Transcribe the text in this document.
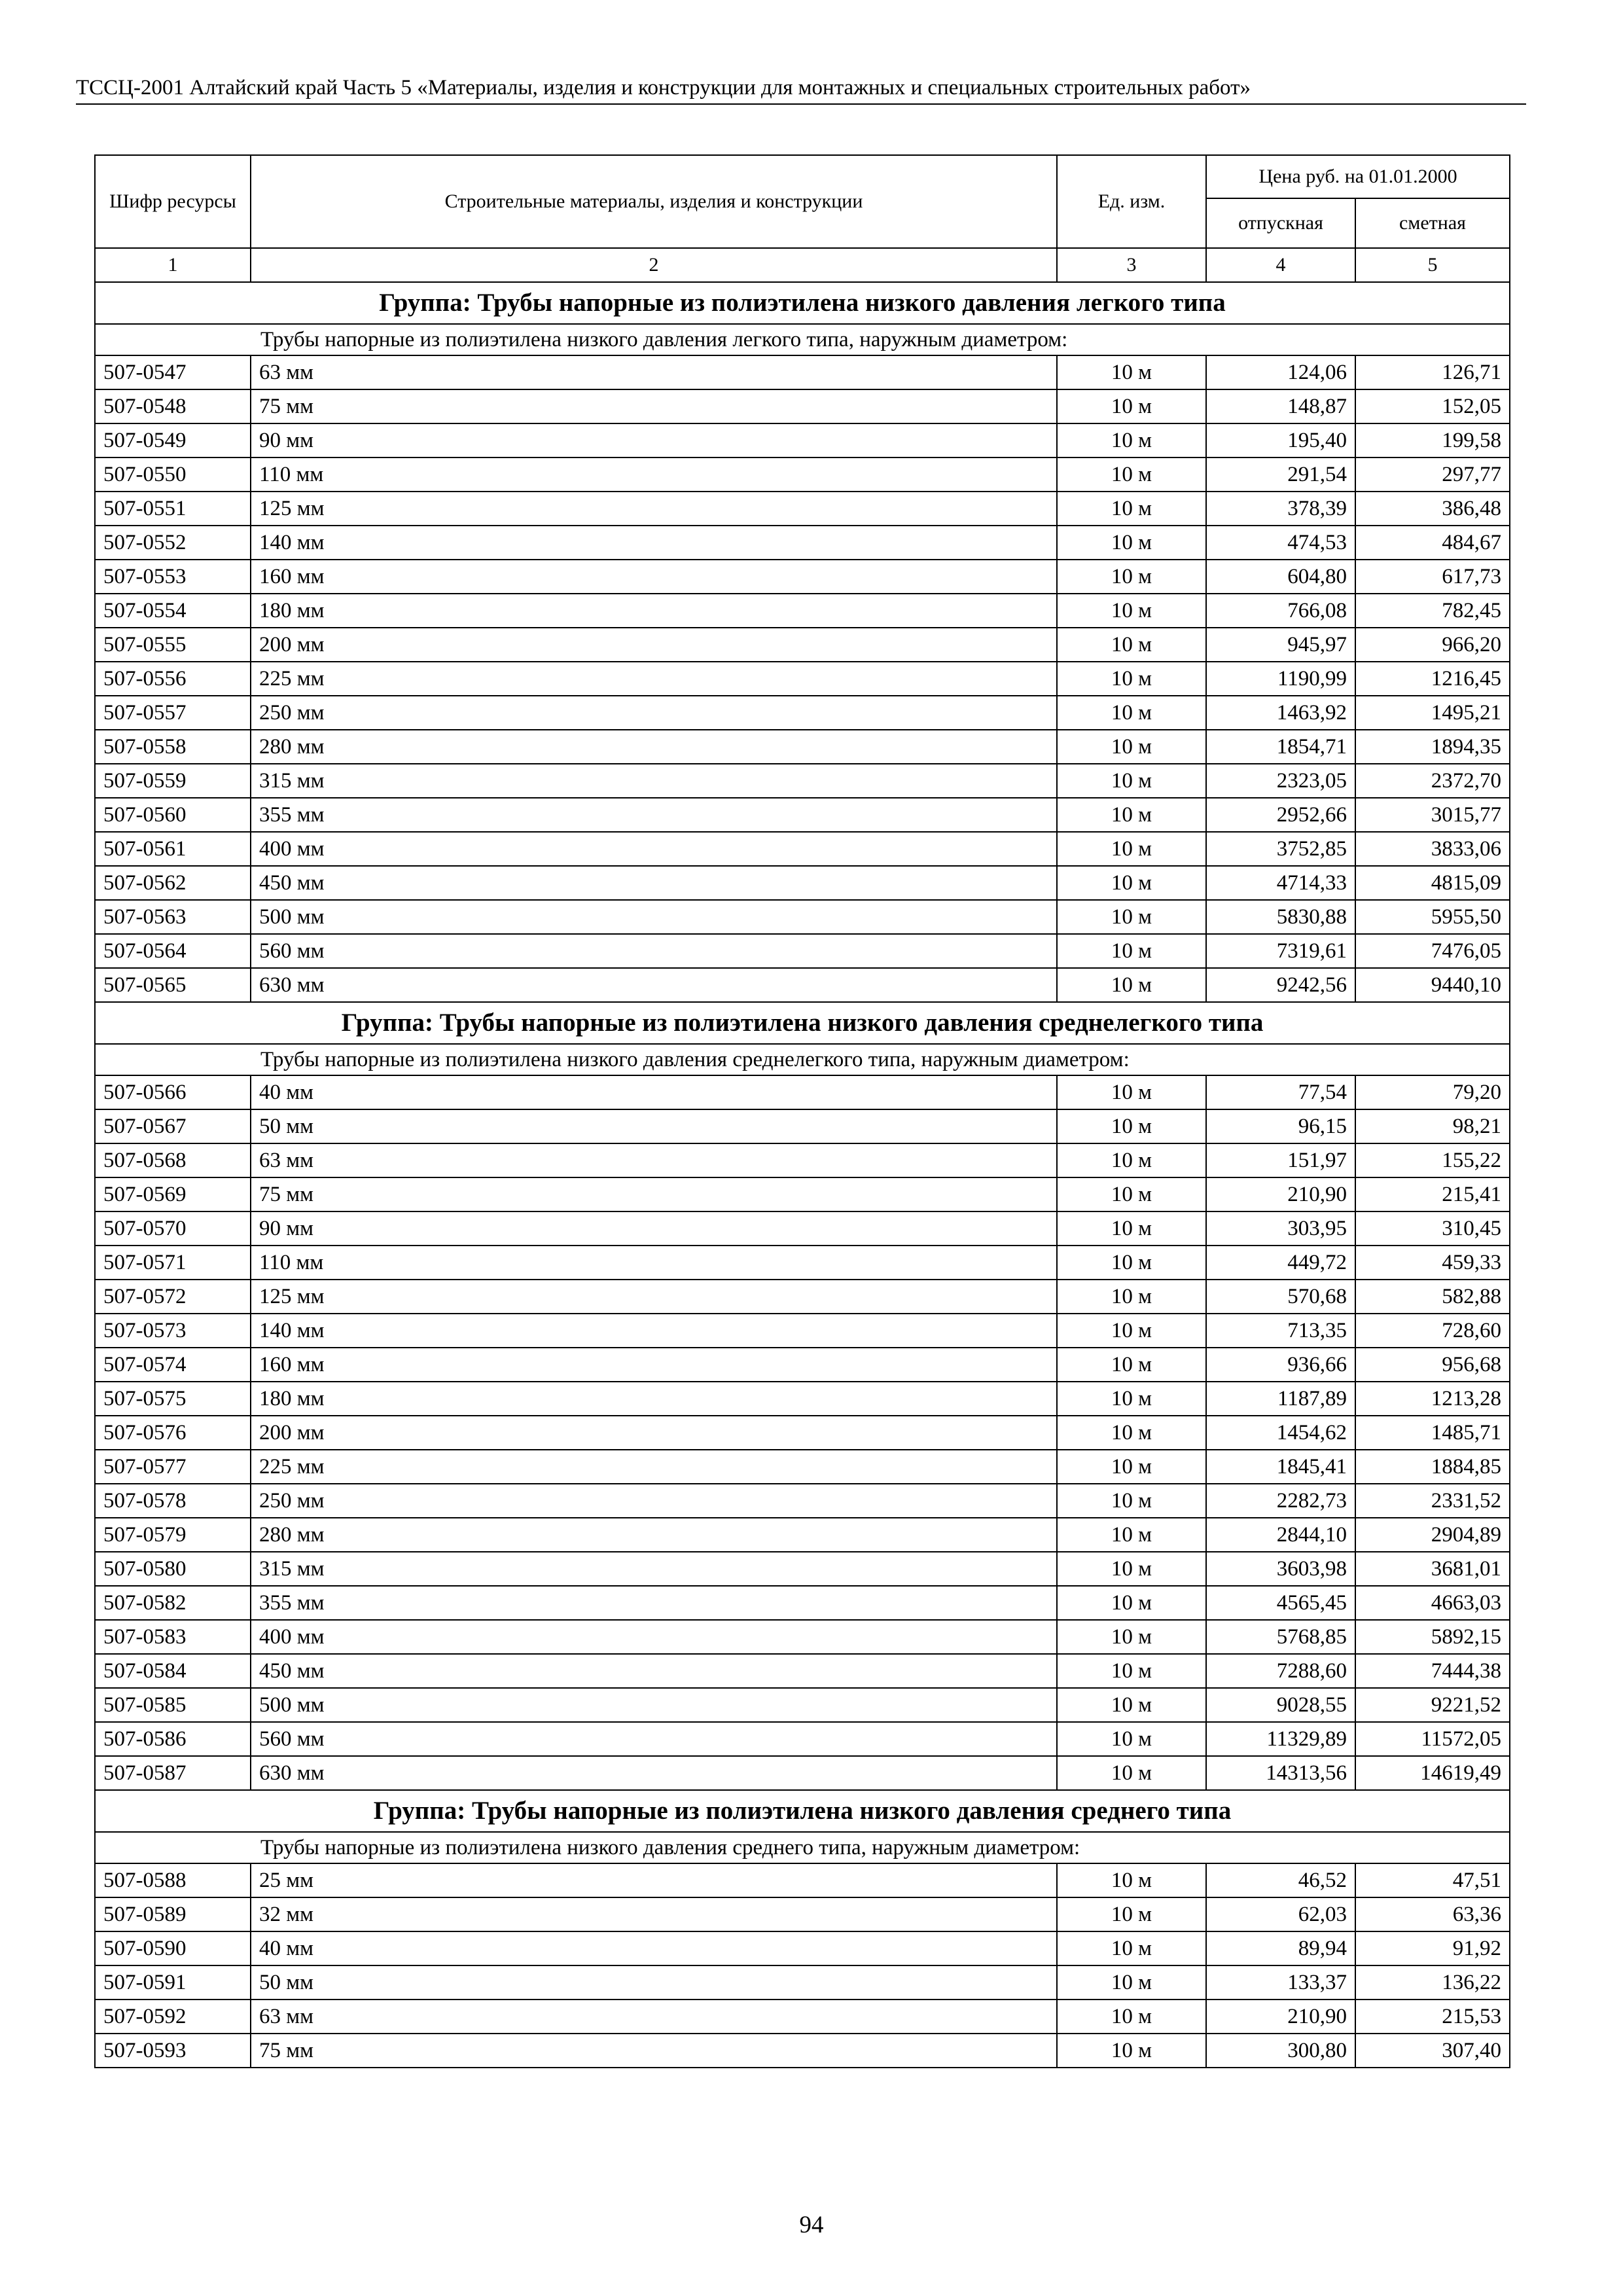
ТССЦ-2001 Алтайский край Часть 5 «Материалы, изделия и конструкции для монтажных и специальных строительных работ»
Шифр ресурсы	Строительные материалы, изделия и конструкции	Ед. изм.	Цена руб. на 01.01.2000	
			отпускная	сметная
1	2	3	4	5
Группа: Трубы напорные из полиэтилена низкого давления легкого типа				
Трубы напорные из полиэтилена низкого давления легкого типа, наружным диаметром:				
507-0547	63 мм	10 м	124,06	126,71
507-0548	75 мм	10 м	148,87	152,05
507-0549	90 мм	10 м	195,40	199,58
507-0550	110 мм	10 м	291,54	297,77
507-0551	125 мм	10 м	378,39	386,48
507-0552	140 мм	10 м	474,53	484,67
507-0553	160 мм	10 м	604,80	617,73
507-0554	180 мм	10 м	766,08	782,45
507-0555	200 мм	10 м	945,97	966,20
507-0556	225 мм	10 м	1190,99	1216,45
507-0557	250 мм	10 м	1463,92	1495,21
507-0558	280 мм	10 м	1854,71	1894,35
507-0559	315 мм	10 м	2323,05	2372,70
507-0560	355 мм	10 м	2952,66	3015,77
507-0561	400 мм	10 м	3752,85	3833,06
507-0562	450 мм	10 м	4714,33	4815,09
507-0563	500 мм	10 м	5830,88	5955,50
507-0564	560 мм	10 м	7319,61	7476,05
507-0565	630 мм	10 м	9242,56	9440,10
Группа: Трубы напорные из полиэтилена низкого давления среднелегкого типа				
Трубы напорные из полиэтилена низкого давления среднелегкого типа, наружным диаметром:				
507-0566	40 мм	10 м	77,54	79,20
507-0567	50 мм	10 м	96,15	98,21
507-0568	63 мм	10 м	151,97	155,22
507-0569	75 мм	10 м	210,90	215,41
507-0570	90 мм	10 м	303,95	310,45
507-0571	110 мм	10 м	449,72	459,33
507-0572	125 мм	10 м	570,68	582,88
507-0573	140 мм	10 м	713,35	728,60
507-0574	160 мм	10 м	936,66	956,68
507-0575	180 мм	10 м	1187,89	1213,28
507-0576	200 мм	10 м	1454,62	1485,71
507-0577	225 мм	10 м	1845,41	1884,85
507-0578	250 мм	10 м	2282,73	2331,52
507-0579	280 мм	10 м	2844,10	2904,89
507-0580	315 мм	10 м	3603,98	3681,01
507-0582	355 мм	10 м	4565,45	4663,03
507-0583	400 мм	10 м	5768,85	5892,15
507-0584	450 мм	10 м	7288,60	7444,38
507-0585	500 мм	10 м	9028,55	9221,52
507-0586	560 мм	10 м	11329,89	11572,05
507-0587	630 мм	10 м	14313,56	14619,49
Группа: Трубы напорные из полиэтилена низкого давления среднего типа				
Трубы напорные из полиэтилена низкого давления среднего типа, наружным диаметром:				
507-0588	25 мм	10 м	46,52	47,51
507-0589	32 мм	10 м	62,03	63,36
507-0590	40 мм	10 м	89,94	91,92
507-0591	50 мм	10 м	133,37	136,22
507-0592	63 мм	10 м	210,90	215,53
507-0593	75 мм	10 м	300,80	307,40
94
